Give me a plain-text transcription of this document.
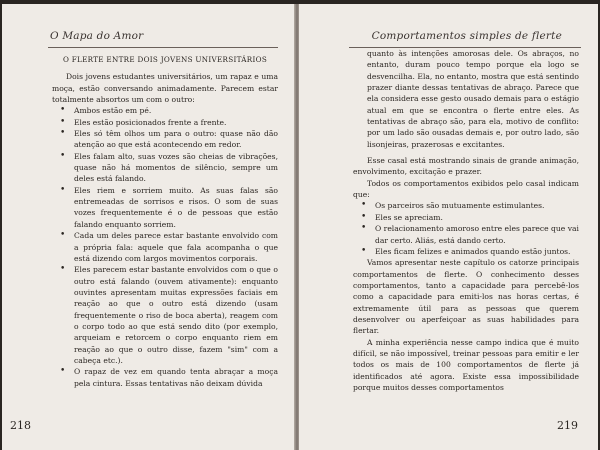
O Mapa do Amor
O FLERTE ENTRE DOIS JOVENS UNIVERSITÁRIOS

Dois jovens estudantes universitários, um rapaz e uma moça, estão conversando animadamente. Parecem estar totalmente absortos um com o outro:

• Ambos estão em pé.
• Eles estão posicionados frente a frente.
• Eles só têm olhos um para o outro: quase não dão atenção ao que está acontecendo em redor.
• Eles falam alto, suas vozes são cheias de vibrações, quase não há momentos de silêncio, sempre um deles está falando.
• Eles riem e sorriem muito. As suas falas são entremeadas de sorrisos e risos. O som de suas vozes frequentemente é o de pessoas que estão falando enquanto sorriem.
• Cada um deles parece estar bastante envolvido com a própria fala: aquele que fala acompanha o que está dizendo com largos movimentos corporais.
• Eles parecem estar bastante envolvidos com o que o outro está falando (ouvem ativamente): enquanto ouvintes apresentam muitas expressões faciais em reação ao que o outro está dizendo (usam frequentemente o riso de boca aberta), reagem com o corpo todo ao que está sendo dito (por exemplo, arqueiam e retorcem o corpo enquanto riem em reação ao que o outro disse, fazem "sim" com a cabeça etc.).
• O rapaz de vez em quando tenta abraçar a moça pela cintura. Essas tentativas não deixam dúvida
218
Comportamentos simples de flerte

quanto às intenções amorosas dele. Os abraços, no entanto, duram pouco tempo porque ela logo se desvencilha. Ela, no entanto, mostra que está sentindo prazer diante dessas tentativas de abraço. Parece que ela considera esse gesto ousado demais para o estágio atual em que se encontra o flerte entre eles. As tentativas de abraço são, para ela, motivo de conflito: por um lado são ousadas demais e, por outro lado, são lisonjeiras, prazerosas e excitantes.

Esse casal está mostrando sinais de grande animação, envolvimento, excitação e prazer.

Todos os comportamentos exibidos pelo casal indicam que:

• Os parceiros são mutuamente estimulantes.
• Eles se apreciam.
• O relacionamento amoroso entre eles parece que vai dar certo. Aliás, está dando certo.
• Eles ficam felizes e animados quando estão juntos.

Vamos apresentar neste capítulo os catorze principais comportamentos de flerte. O conhecimento desses comportamentos, tanto a capacidade para percebê-los como a capacidade para emiti-los nas horas certas, é extremamente útil para as pessoas que querem desenvolver ou aperfeiçoar as suas habilidades para flertar.

A minha experiência nesse campo indica que é muito difícil, se não impossível, treinar pessoas para emitir e ler todos os mais de 100 comportamentos de flerte já identificados até agora. Existe essa impossibilidade porque muitos desses comportamentos

219
